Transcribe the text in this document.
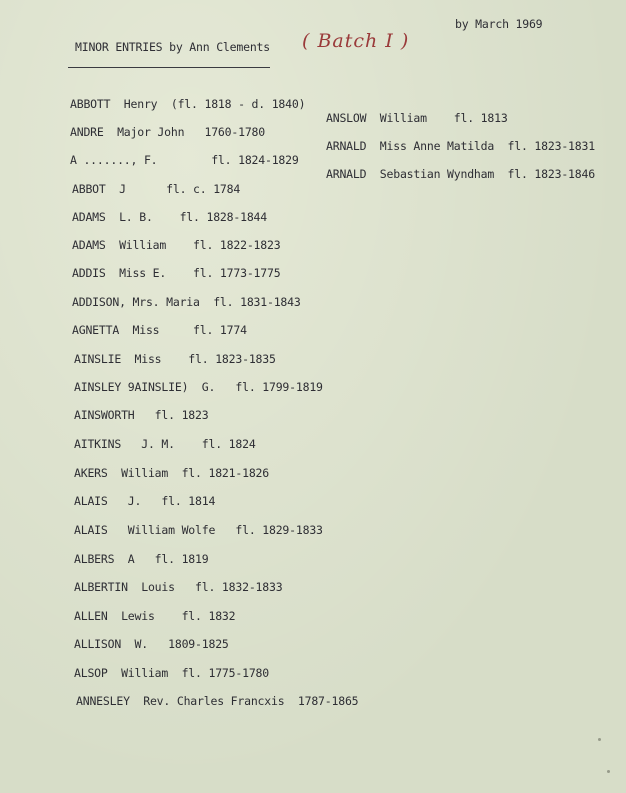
by March 1969
MINOR ENTRIES by Ann Clements ( Batch I )
ABBOTT  Henry  (fl. 1818 - d. 1840)
ANDRE  Major John   1760-1780
A ......., F.        fl. 1824-1829
ABBOT  J      fl. c. 1784
ADAMS  L. B.    fl. 1828-1844
ADAMS  William    fl. 1822-1823
ADDIS  Miss E.    fl. 1773-1775
ADDISON, Mrs. Maria  fl. 1831-1843
AGNETTA  Miss     fl. 1774
AINSLIE  Miss    fl. 1823-1835
AINSLEY 9AINSLIE)  G.   fl. 1799-1819
AINSWORTH   fl. 1823
AITKINS   J. M.    fl. 1824
AKERS  William  fl. 1821-1826
ALAIS   J.   fl. 1814
ALAIS   William Wolfe   fl. 1829-1833
ALBERS  A   fl. 1819
ALBERTIN  Louis   fl. 1832-1833
ALLEN  Lewis    fl. 1832
ALLISON  W.   1809-1825
ALSOP  William  fl. 1775-1780
ANNESLEY  Rev. Charles Francxis  1787-1865
ANSLOW  William    fl. 1813
ARNALD  Miss Anne Matilda  fl. 1823-1831
ARNALD  Sebastian Wyndham  fl. 1823-1846
